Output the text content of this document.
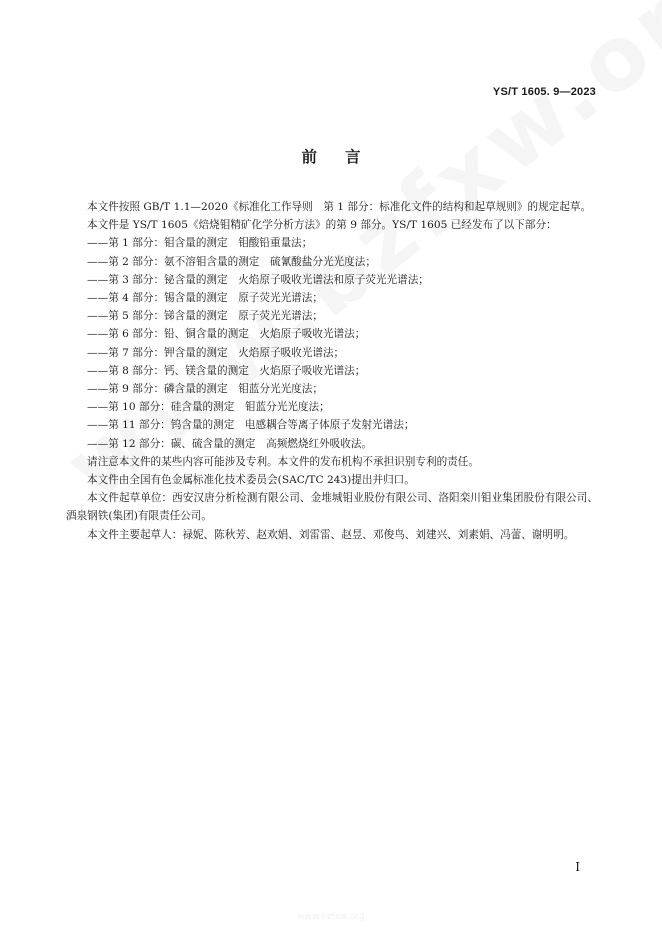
YS/T 1605. 9—2023
前言

本文件按照 GB/T 1.1—2020《标准化工作导则　第 1 部分：标准化文件的结构和起草规则》的规定起草。

本文件是 YS/T 1605《焙烧钼精矿化学分析方法》的第 9 部分。YS/T 1605 已经发布了以下部分：

——第 1 部分：钼含量的测定　钼酸铅重量法；

——第 2 部分：氨不溶钼含量的测定　硫氰酸盐分光光度法；

——第 3 部分：铋含量的测定　火焰原子吸收光谱法和原子荧光光谱法；

——第 4 部分：锡含量的测定　原子荧光光谱法；

——第 5 部分：锑含量的测定　原子荧光光谱法；

——第 6 部分：铅、铜含量的测定　火焰原子吸收光谱法；

——第 7 部分：钾含量的测定　火焰原子吸收光谱法；

——第 8 部分：钙、镁含量的测定　火焰原子吸收光谱法；

——第 9 部分：磷含量的测定　钼蓝分光光度法；

——第 10 部分：硅含量的测定　钼蓝分光光度法；

——第 11 部分：钨含量的测定　电感耦合等离子体原子发射光谱法；

——第 12 部分：碳、硫含量的测定　高频燃烧红外吸收法。

请注意本文件的某些内容可能涉及专利。本文件的发布机构不承担识别专利的责任。

本文件由全国有色金属标准化技术委员会(SAC/TC 243)提出并归口。

本文件起草单位：西安汉唐分析检测有限公司、金堆城钼业股份有限公司、洛阳栾川钼业集团股份有限公司、酒泉钢铁(集团)有限责任公司。

本文件主要起草人：禄妮、陈秋芳、赵欢娟、刘雷雷、赵昱、邓俊鸟、刘建兴、刘素娟、冯蕾、谢明明。

I
www.bzfxw.org
